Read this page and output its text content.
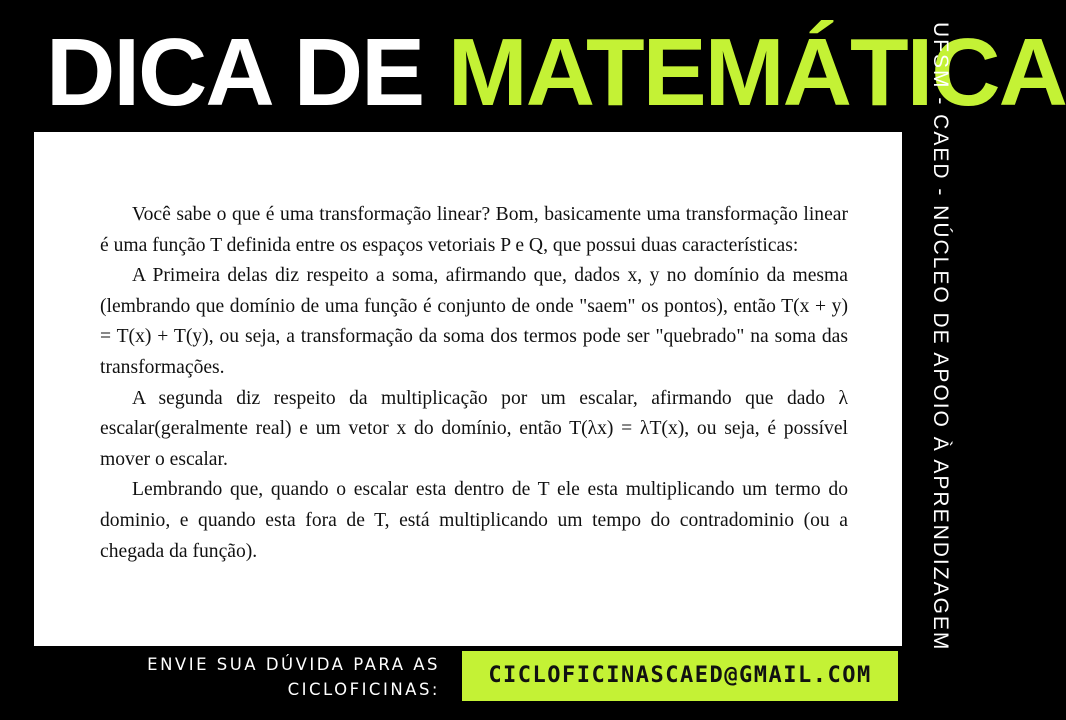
DICA DE MATEMÁTICA
UFSM - CAED - NÚCLEO DE APOIO À APRENDIZAGEM

Você sabe o que é uma transformação linear? Bom, basicamente uma transformação linear é uma função T definida entre os espaços vetoriais P e Q, que possui duas características:

A Primeira delas diz respeito a soma, afirmando que, dados x, y no domínio da mesma (lembrando que domínio de uma função é conjunto de onde "saem" os pontos), então T(x + y) = T(x) + T(y), ou seja, a transformação da soma dos termos pode ser "quebrado" na soma das transformações.

A segunda diz respeito da multiplicação por um escalar, afirmando que dado λ escalar(geralmente real) e um vetor x do domínio, então T(λx) = λT(x), ou seja, é possível mover o escalar.

Lembrando que, quando o escalar esta dentro de T ele esta multiplicando um termo do dominio, e quando esta fora de T, está multiplicando um tempo do contradominio (ou a chegada da função).

ENVIE SUA DÚVIDA PARA AS
CICLOFICINAS:
CICLOFICINASCAED@GMAIL.COM
